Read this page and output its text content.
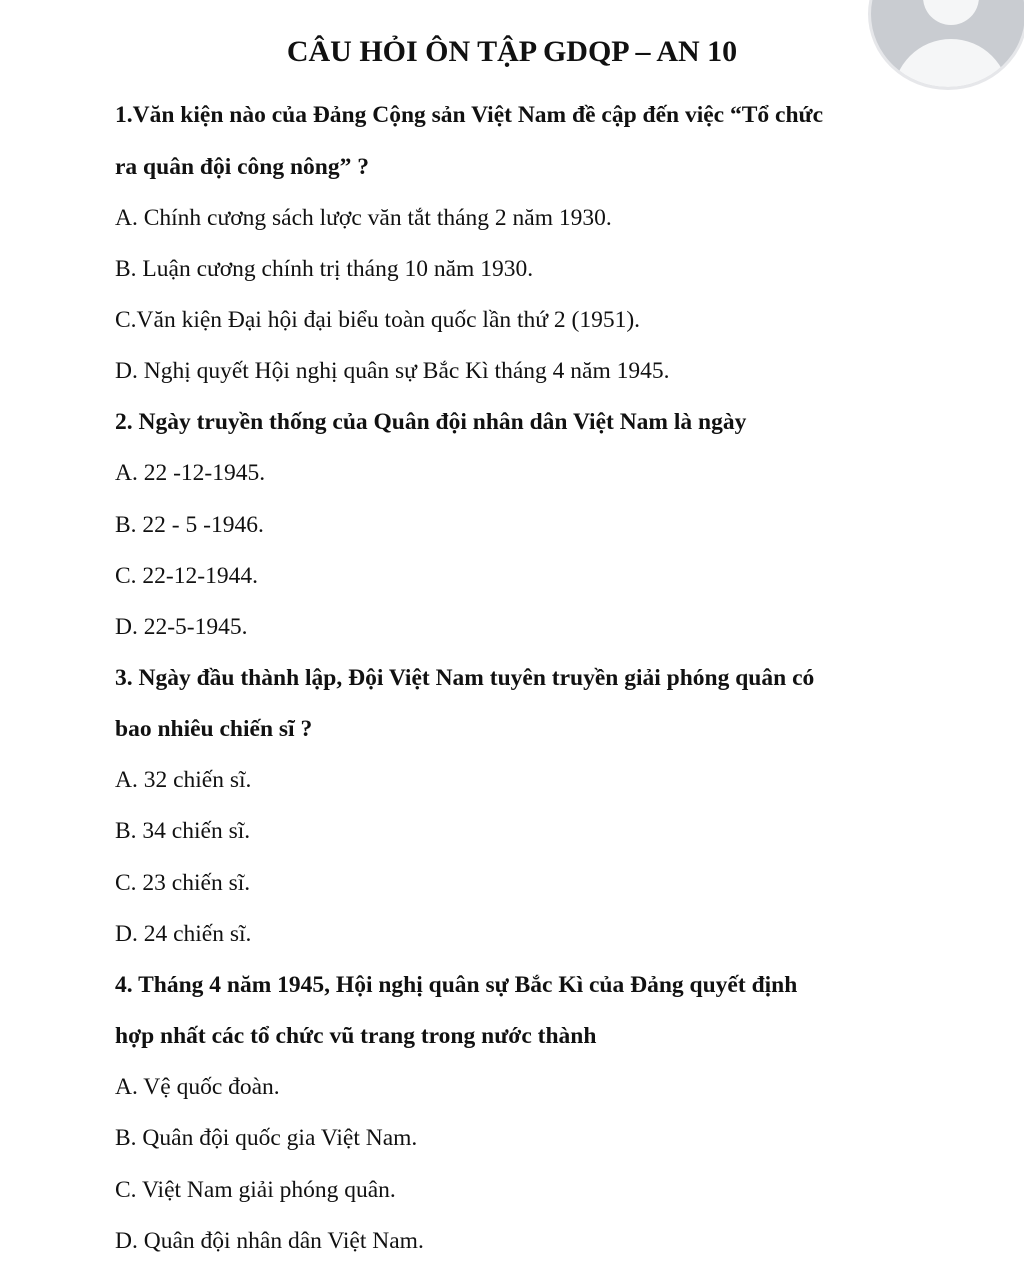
CÂU HỎI ÔN TẬP GDQP – AN 10
1.Văn kiện nào của Đảng Cộng sản Việt Nam đề cập đến việc “Tổ chức
ra quân đội công nông” ?
A. Chính cương sách lược văn tắt tháng 2 năm 1930.
B. Luận cương chính trị tháng 10 năm 1930.
C.Văn kiện Đại hội đại biểu toàn quốc lần thứ 2 (1951).
D. Nghị quyết Hội nghị quân sự Bắc Kì tháng 4 năm 1945.
2. Ngày truyền thống của Quân đội nhân dân Việt Nam là ngày
A. 22 -12-1945.
B. 22 - 5 -1946.
C. 22-12-1944.
D. 22-5-1945.
3. Ngày đầu thành lập, Đội Việt Nam tuyên truyền giải phóng quân có
bao nhiêu chiến sĩ ?
A. 32 chiến sĩ.
B. 34 chiến sĩ.
C. 23 chiến sĩ.
D. 24 chiến sĩ.
4. Tháng 4 năm 1945, Hội nghị quân sự Bắc Kì của Đảng quyết định
hợp nhất các tổ chức vũ trang trong nước thành
A. Vệ quốc đoàn.
B. Quân đội quốc gia Việt Nam.
C. Việt Nam giải phóng quân.
D. Quân đội nhân dân Việt Nam.
